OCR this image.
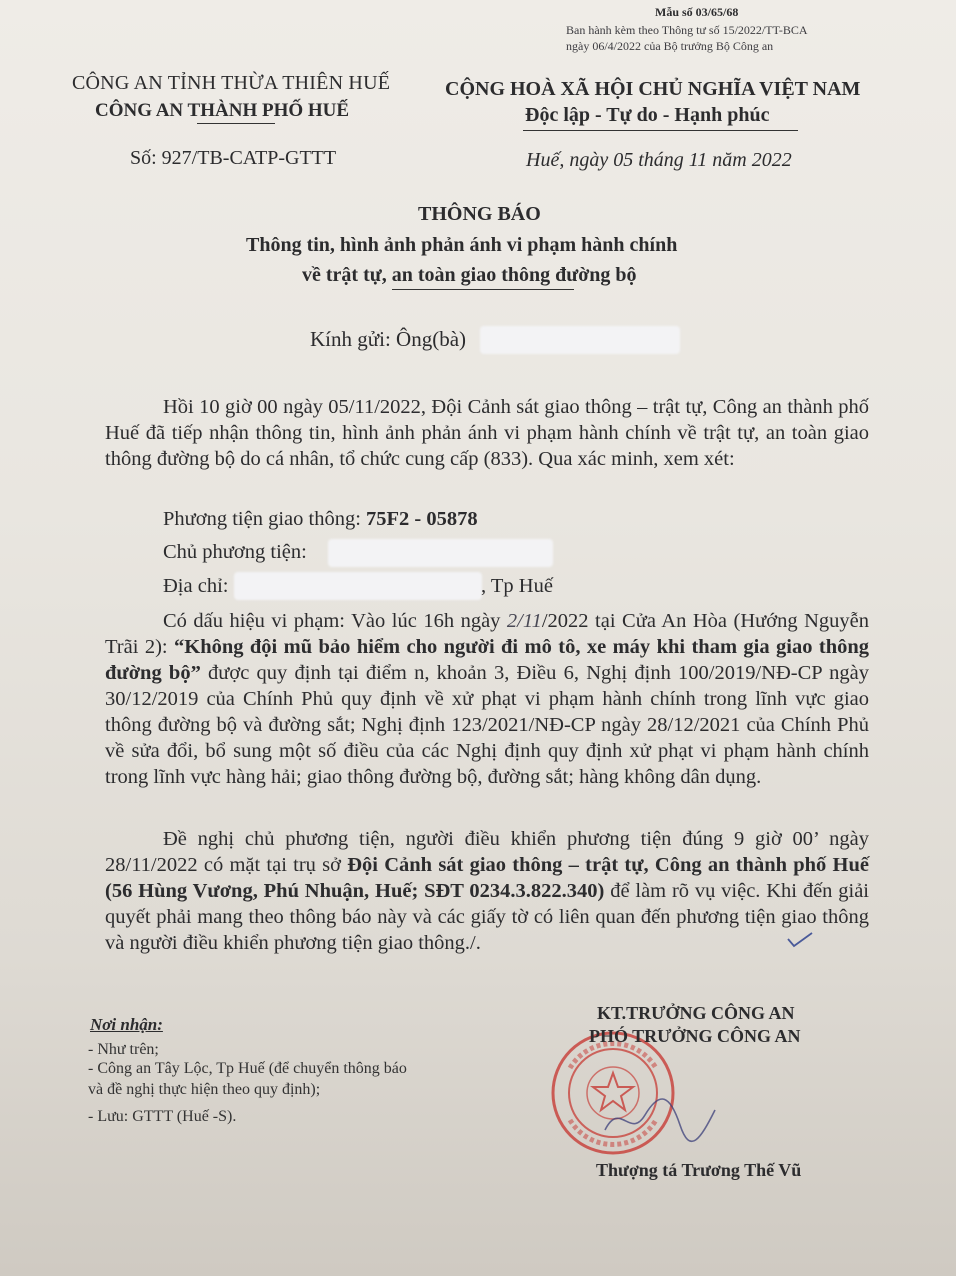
Mẫu số 03/65/68
Ban hành kèm theo Thông tư số 15/2022/TT-BCA
ngày 06/4/2022 của Bộ trưởng Bộ Công an
CÔNG AN TỈNH THỪA THIÊN HUẾ
CÔNG AN THÀNH PHỐ HUẾ
CỘNG HOÀ XÃ HỘI CHỦ NGHĨA VIỆT NAM
Độc lập - Tự do - Hạnh phúc
Số: 927/TB-CATP-GTTT	Huế, ngày 05 tháng 11 năm 2022
THÔNG BÁO
Thông tin, hình ảnh phản ánh vi phạm hành chính
về trật tự, an toàn giao thông đường bộ
Kính gửi: Ông(bà)
Hồi 10 giờ 00 ngày 05/11/2022, Đội Cảnh sát giao thông – trật tự, Công an thành phố Huế đã tiếp nhận thông tin, hình ảnh phản ánh vi phạm hành chính về trật tự, an toàn giao thông đường bộ do cá nhân, tổ chức cung cấp (833). Qua xác minh, xem xét:
Phương tiện giao thông: 75F2 - 05878
Chủ phương tiện:
Địa chỉ:	, Tp Huế
Có dấu hiệu vi phạm: Vào lúc 16h ngày 2/11/2022 tại Cửa An Hòa (Hướng Nguyễn Trãi 2): “Không đội mũ bảo hiểm cho người đi mô tô, xe máy khi tham gia giao thông đường bộ” được quy định tại điểm n, khoản 3, Điều 6, Nghị định 100/2019/NĐ-CP ngày 30/12/2019 của Chính Phủ quy định về xử phạt vi phạm hành chính trong lĩnh vực giao thông đường bộ và đường sắt; Nghị định 123/2021/NĐ-CP ngày 28/12/2021 của Chính Phủ về sửa đổi, bổ sung một số điều của các Nghị định quy định xử phạt vi phạm hành chính trong lĩnh vực hàng hải; giao thông đường bộ, đường sắt; hàng không dân dụng.
Đề nghị chủ phương tiện, người điều khiển phương tiện đúng 9 giờ 00’ ngày 28/11/2022 có mặt tại trụ sở Đội Cảnh sát giao thông – trật tự, Công an thành phố Huế (56 Hùng Vương, Phú Nhuận, Huế; SĐT 0234.3.822.340) để làm rõ vụ việc. Khi đến giải quyết phải mang theo thông báo này và các giấy tờ có liên quan đến phương tiện giao thông và người điều khiển phương tiện giao thông./.
Nơi nhận:
- Như trên;
- Công an Tây Lộc, Tp Huế (để chuyển thông báo
và đề nghị thực hiện theo quy định);
- Lưu: GTTT (Huế -S).
KT.TRƯỞNG CÔNG AN
PHÓ TRƯỞNG CÔNG AN
Thượng tá Trương Thế Vũ
